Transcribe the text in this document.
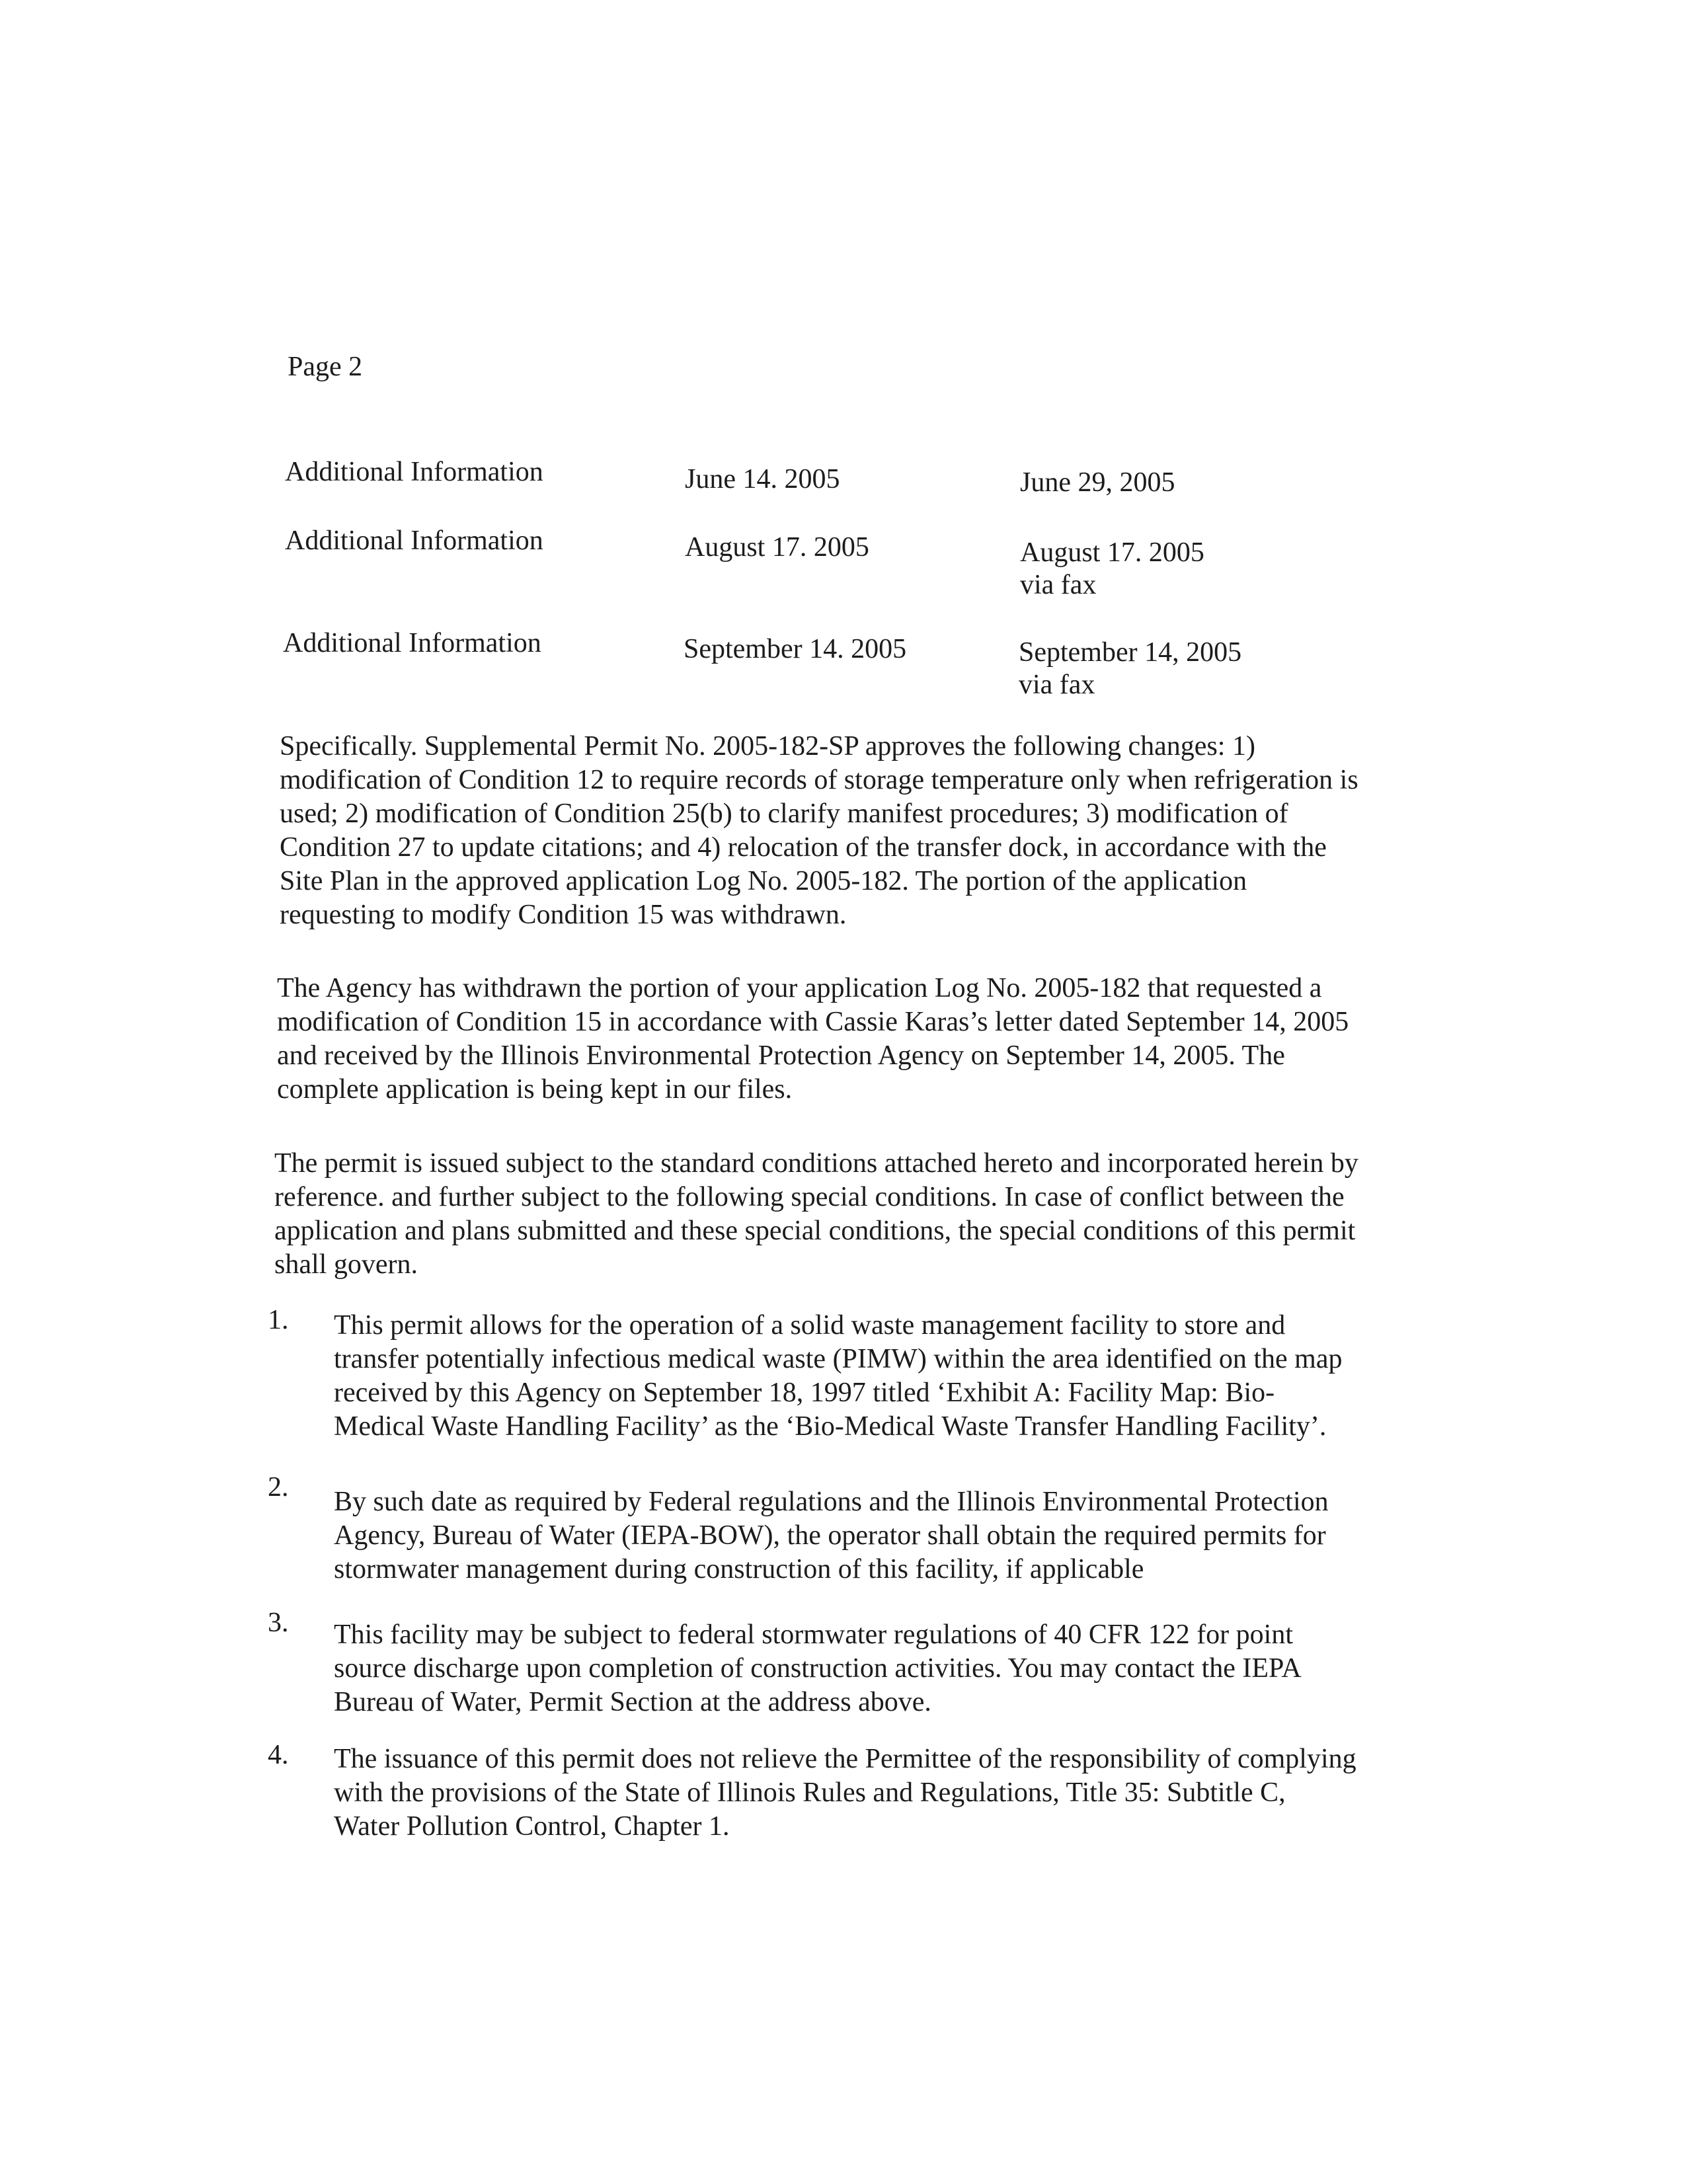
Page 2
Additional Information	June 14. 2005	June 29, 2005
Additional Information	August 17. 2005	August 17. 2005
via fax
Additional Information	September 14. 2005	September 14, 2005
via fax
Specifically. Supplemental Permit No. 2005-182-SP approves the following changes: 1)
modification of Condition 12 to require records of storage temperature only when refrigeration is
used; 2) modification of Condition 25(b) to clarify manifest procedures; 3) modification of
Condition 27 to update citations; and 4) relocation of the transfer dock, in accordance with the
Site Plan in the approved application Log No. 2005-182. The portion of the application
requesting to modify Condition 15 was withdrawn.
The Agency has withdrawn the portion of your application Log No. 2005-182 that requested a
modification of Condition 15 in accordance with Cassie Karas’s letter dated September 14, 2005
and received by the Illinois Environmental Protection Agency on September 14, 2005. The
complete application is being kept in our files.
The permit is issued subject to the standard conditions attached hereto and incorporated herein by
reference. and further subject to the following special conditions. In case of conflict between the
application and plans submitted and these special conditions, the special conditions of this permit
shall govern.
1. This permit allows for the operation of a solid waste management facility to store and
transfer potentially infectious medical waste (PIMW) within the area identified on the map
received by this Agency on September 18, 1997 titled ‘Exhibit A: Facility Map: Bio-
Medical Waste Handling Facility’ as the ‘Bio-Medical Waste Transfer Handling Facility’.
2. By such date as required by Federal regulations and the Illinois Environmental Protection
Agency, Bureau of Water (IEPA-BOW), the operator shall obtain the required permits for
stormwater management during construction of this facility, if applicable
3. This facility may be subject to federal stormwater regulations of 40 CFR 122 for point
source discharge upon completion of construction activities. You may contact the IEPA
Bureau of Water, Permit Section at the address above.
4. The issuance of this permit does not relieve the Permittee of the responsibility of complying
with the provisions of the State of Illinois Rules and Regulations, Title 35: Subtitle C,
Water Pollution Control, Chapter 1.
